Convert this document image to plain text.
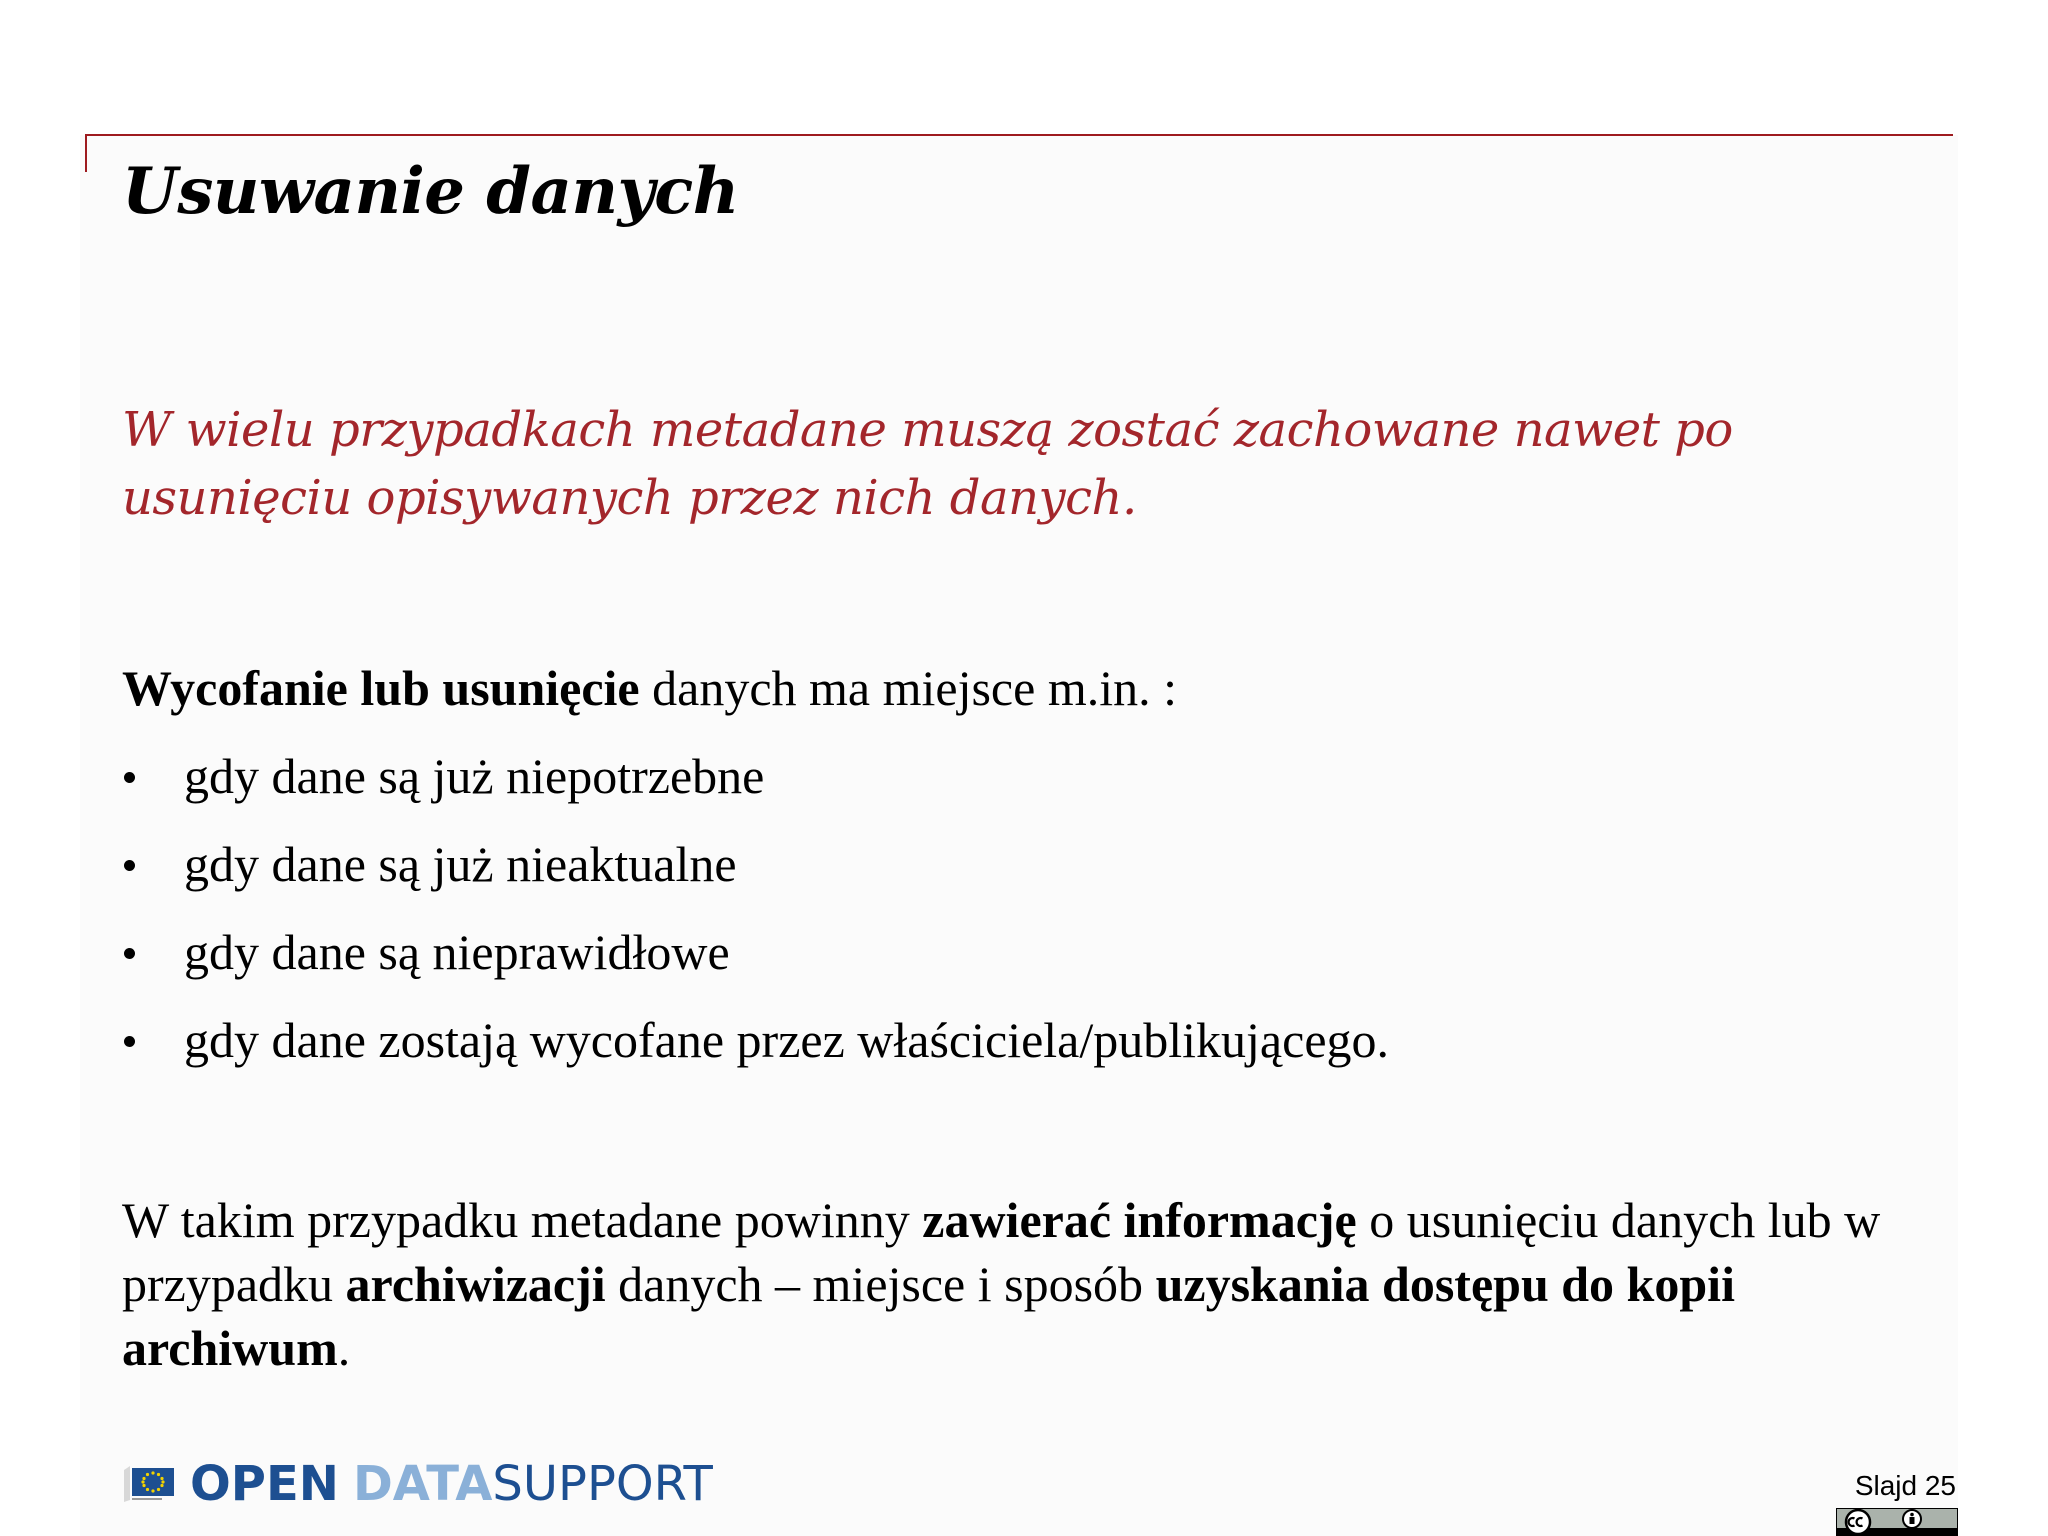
Usuwanie danych

W wielu przypadkach metadane muszą zostać zachowane nawet po usunięciu opisywanych przez nich danych.

Wycofanie lub usunięcie danych ma miejsce m.in. :

gdy dane są już niepotrzebne
gdy dane są już nieaktualne
gdy dane są nieprawidłowe
gdy dane zostają wycofane przez właściciela/publikującego.

W takim przypadku metadane powinny zawierać informację o usunięciu danych lub w przypadku archiwizacji danych – miejsce i sposób uzyskania dostępu do kopii archiwum.

OPEN DATA SUPPORT	Slajd 25
